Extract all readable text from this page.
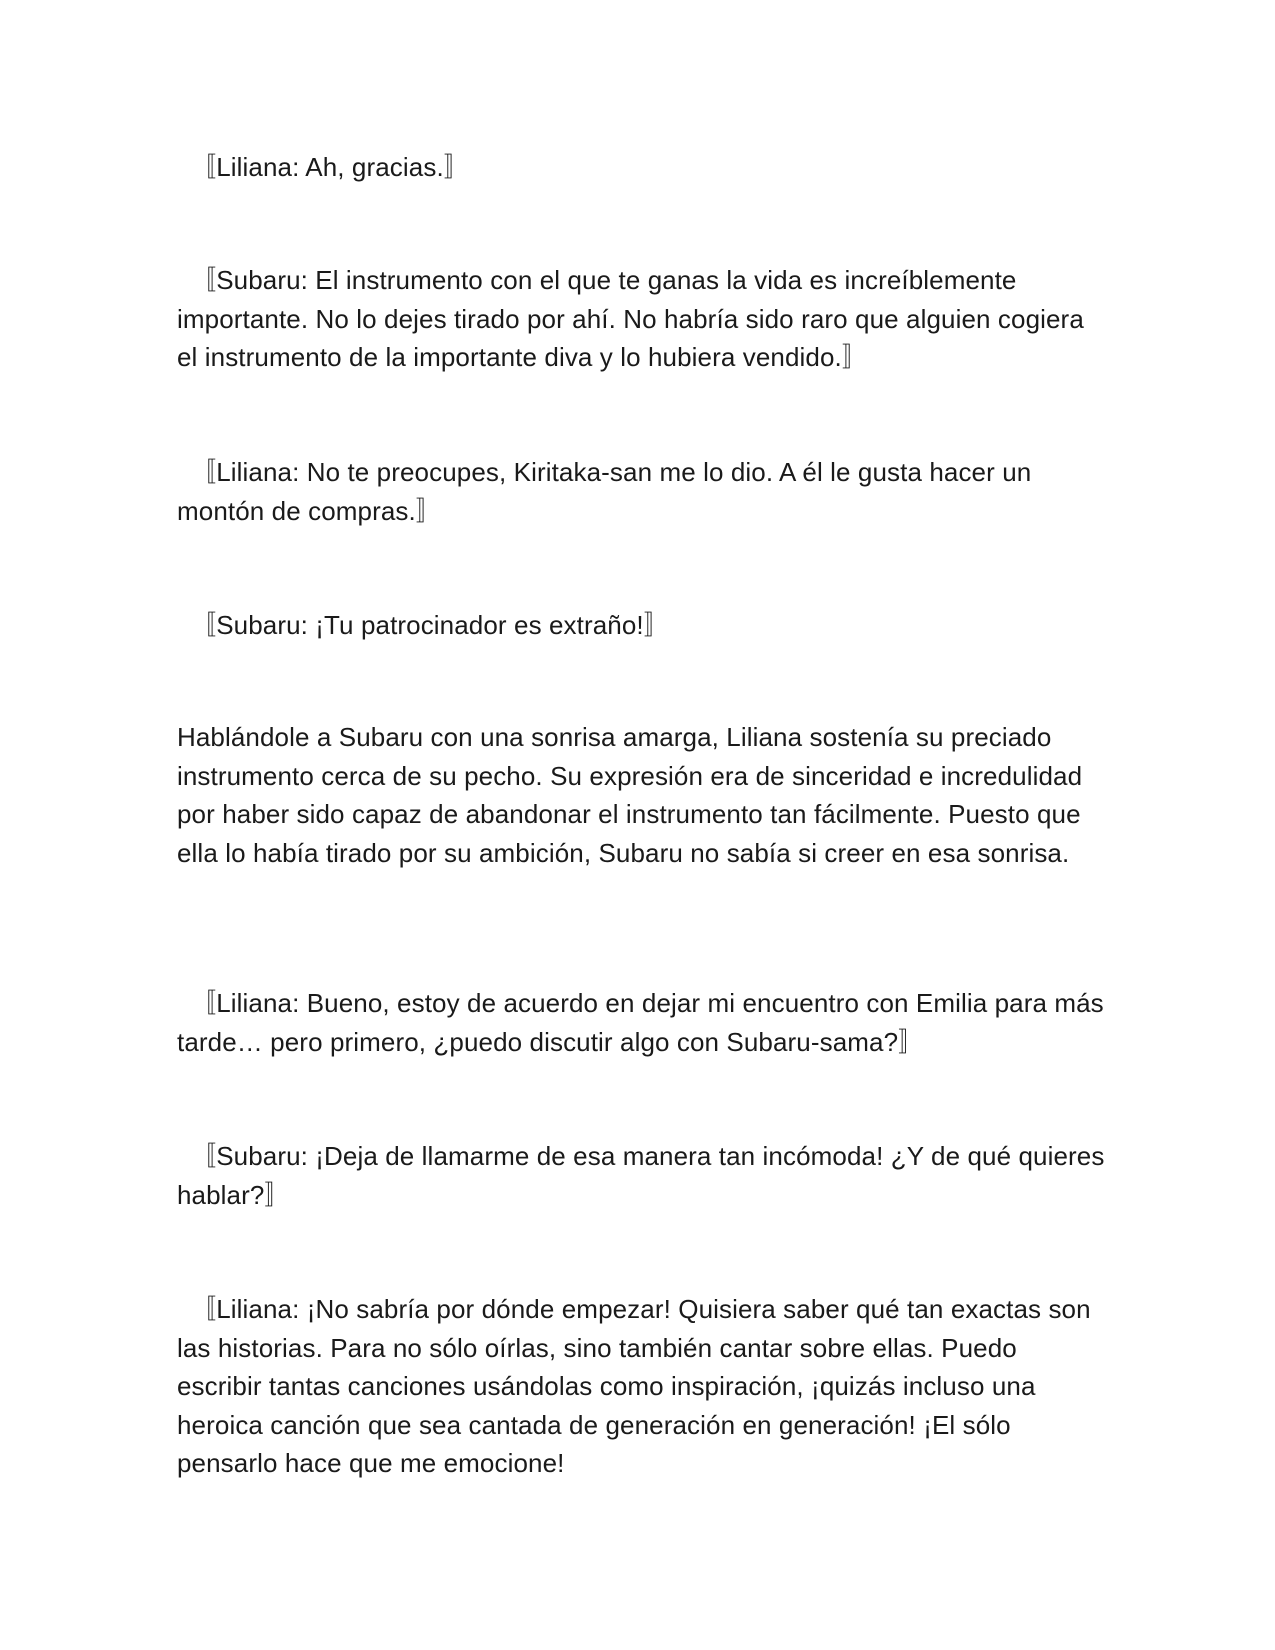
　〚Liliana: Ah, gracias.〛

　〚Subaru: El instrumento con el que te ganas la vida es increíblemente importante. No lo dejes tirado por ahí. No habría sido raro que alguien cogiera el instrumento de la importante diva y lo hubiera vendido.〛

　〚Liliana: No te preocupes, Kiritaka-san me lo dio. A él le gusta hacer un montón de compras.〛

　〚Subaru: ¡Tu patrocinador es extraño!〛

Hablándole a Subaru con una sonrisa amarga, Liliana sostenía su preciado instrumento cerca de su pecho. Su expresión era de sinceridad e incredulidad por haber sido capaz de abandonar el instrumento tan fácilmente. Puesto que ella lo había tirado por su ambición, Subaru no sabía si creer en esa sonrisa.

　〚Liliana: Bueno, estoy de acuerdo en dejar mi encuentro con Emilia para más tarde… pero primero, ¿puedo discutir algo con Subaru-sama?〛

　〚Subaru: ¡Deja de llamarme de esa manera tan incómoda! ¿Y de qué quieres hablar?〛

　〚Liliana: ¡No sabría por dónde empezar! Quisiera saber qué tan exactas son las historias. Para no sólo oírlas, sino también cantar sobre ellas. Puedo escribir tantas canciones usándolas como inspiración, ¡quizás incluso una heroica canción que sea cantada de generación en generación! ¡El sólo pensarlo hace que me emocione!
